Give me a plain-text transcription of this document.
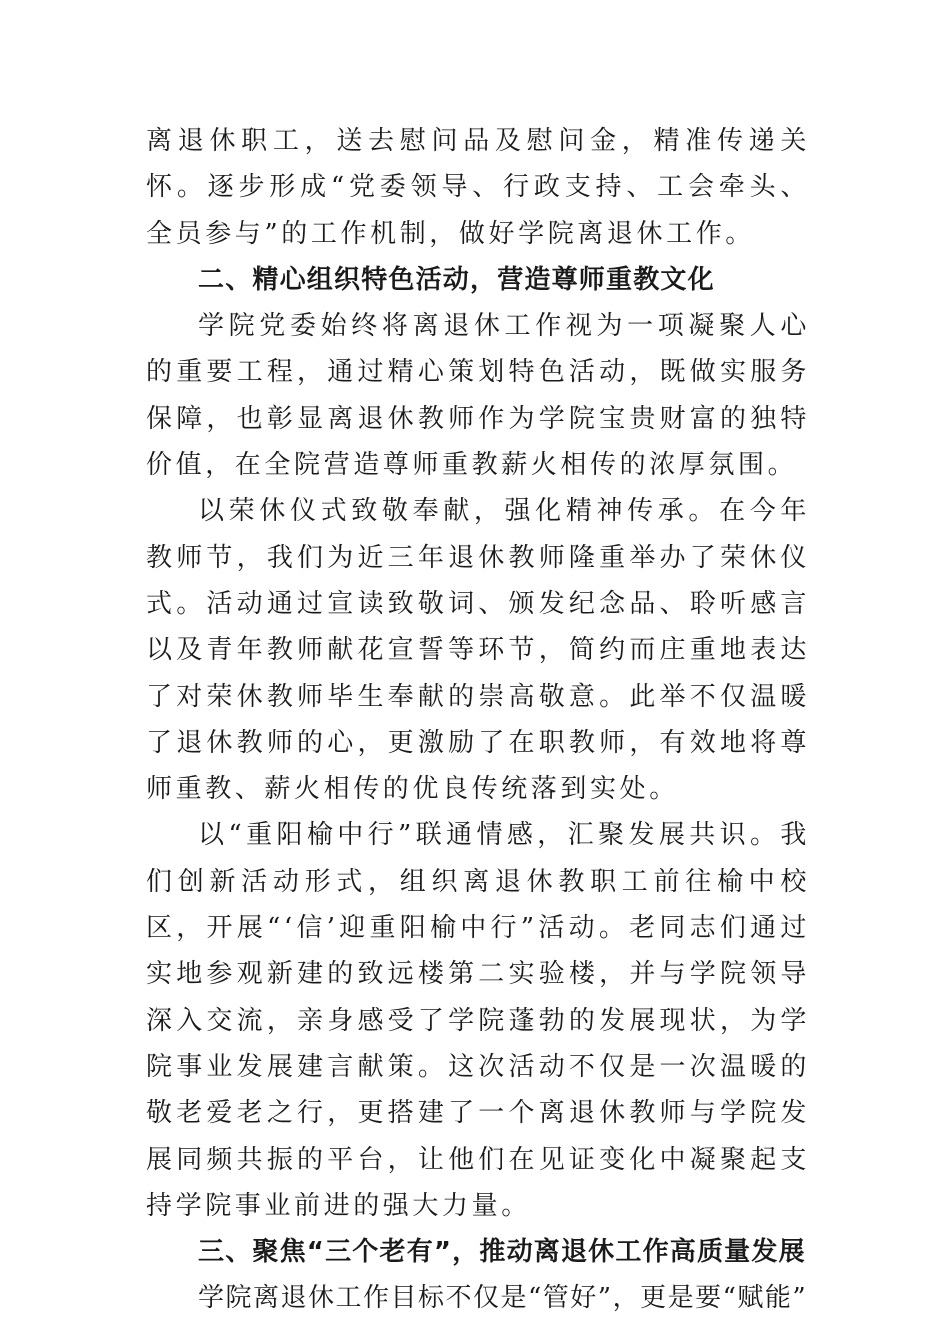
离退休职工，送去慰问品及慰问金，精准传递关怀。逐步形成“党委领导、行政支持、工会牵头、全员参与”的工作机制，做好学院离退休工作。

二、精心组织特色活动，营造尊师重教文化

学院党委始终将离退休工作视为一项凝聚人心的重要工程，通过精心策划特色活动，既做实服务保障，也彰显离退休教师作为学院宝贵财富的独特价值，在全院营造尊师重教薪火相传的浓厚氛围。

以荣休仪式致敬奉献，强化精神传承。在今年教师节，我们为近三年退休教师隆重举办了荣休仪式。活动通过宣读致敬词、颁发纪念品、聆听感言以及青年教师献花宣誓等环节，简约而庄重地表达了对荣休教师毕生奉献的崇高敬意。此举不仅温暖了退休教师的心，更激励了在职教师，有效地将尊师重教、薪火相传的优良传统落到实处。

以“重阳榆中行”联通情感，汇聚发展共识。我们创新活动形式，组织离退休教职工前往榆中校区，开展“‘信’迎重阳榆中行”活动。老同志们通过实地参观新建的致远楼第二实验楼，并与学院领导深入交流，亲身感受了学院蓬勃的发展现状，为学院事业发展建言献策。这次活动不仅是一次温暖的敬老爱老之行，更搭建了一个离退休教师与学院发展同频共振的平台，让他们在见证变化中凝聚起支持学院事业前进的强大力量。

三、聚焦“三个老有”，推动离退休工作高质量发展

学院离退休工作目标不仅是“管好”，更是要“赋能”
